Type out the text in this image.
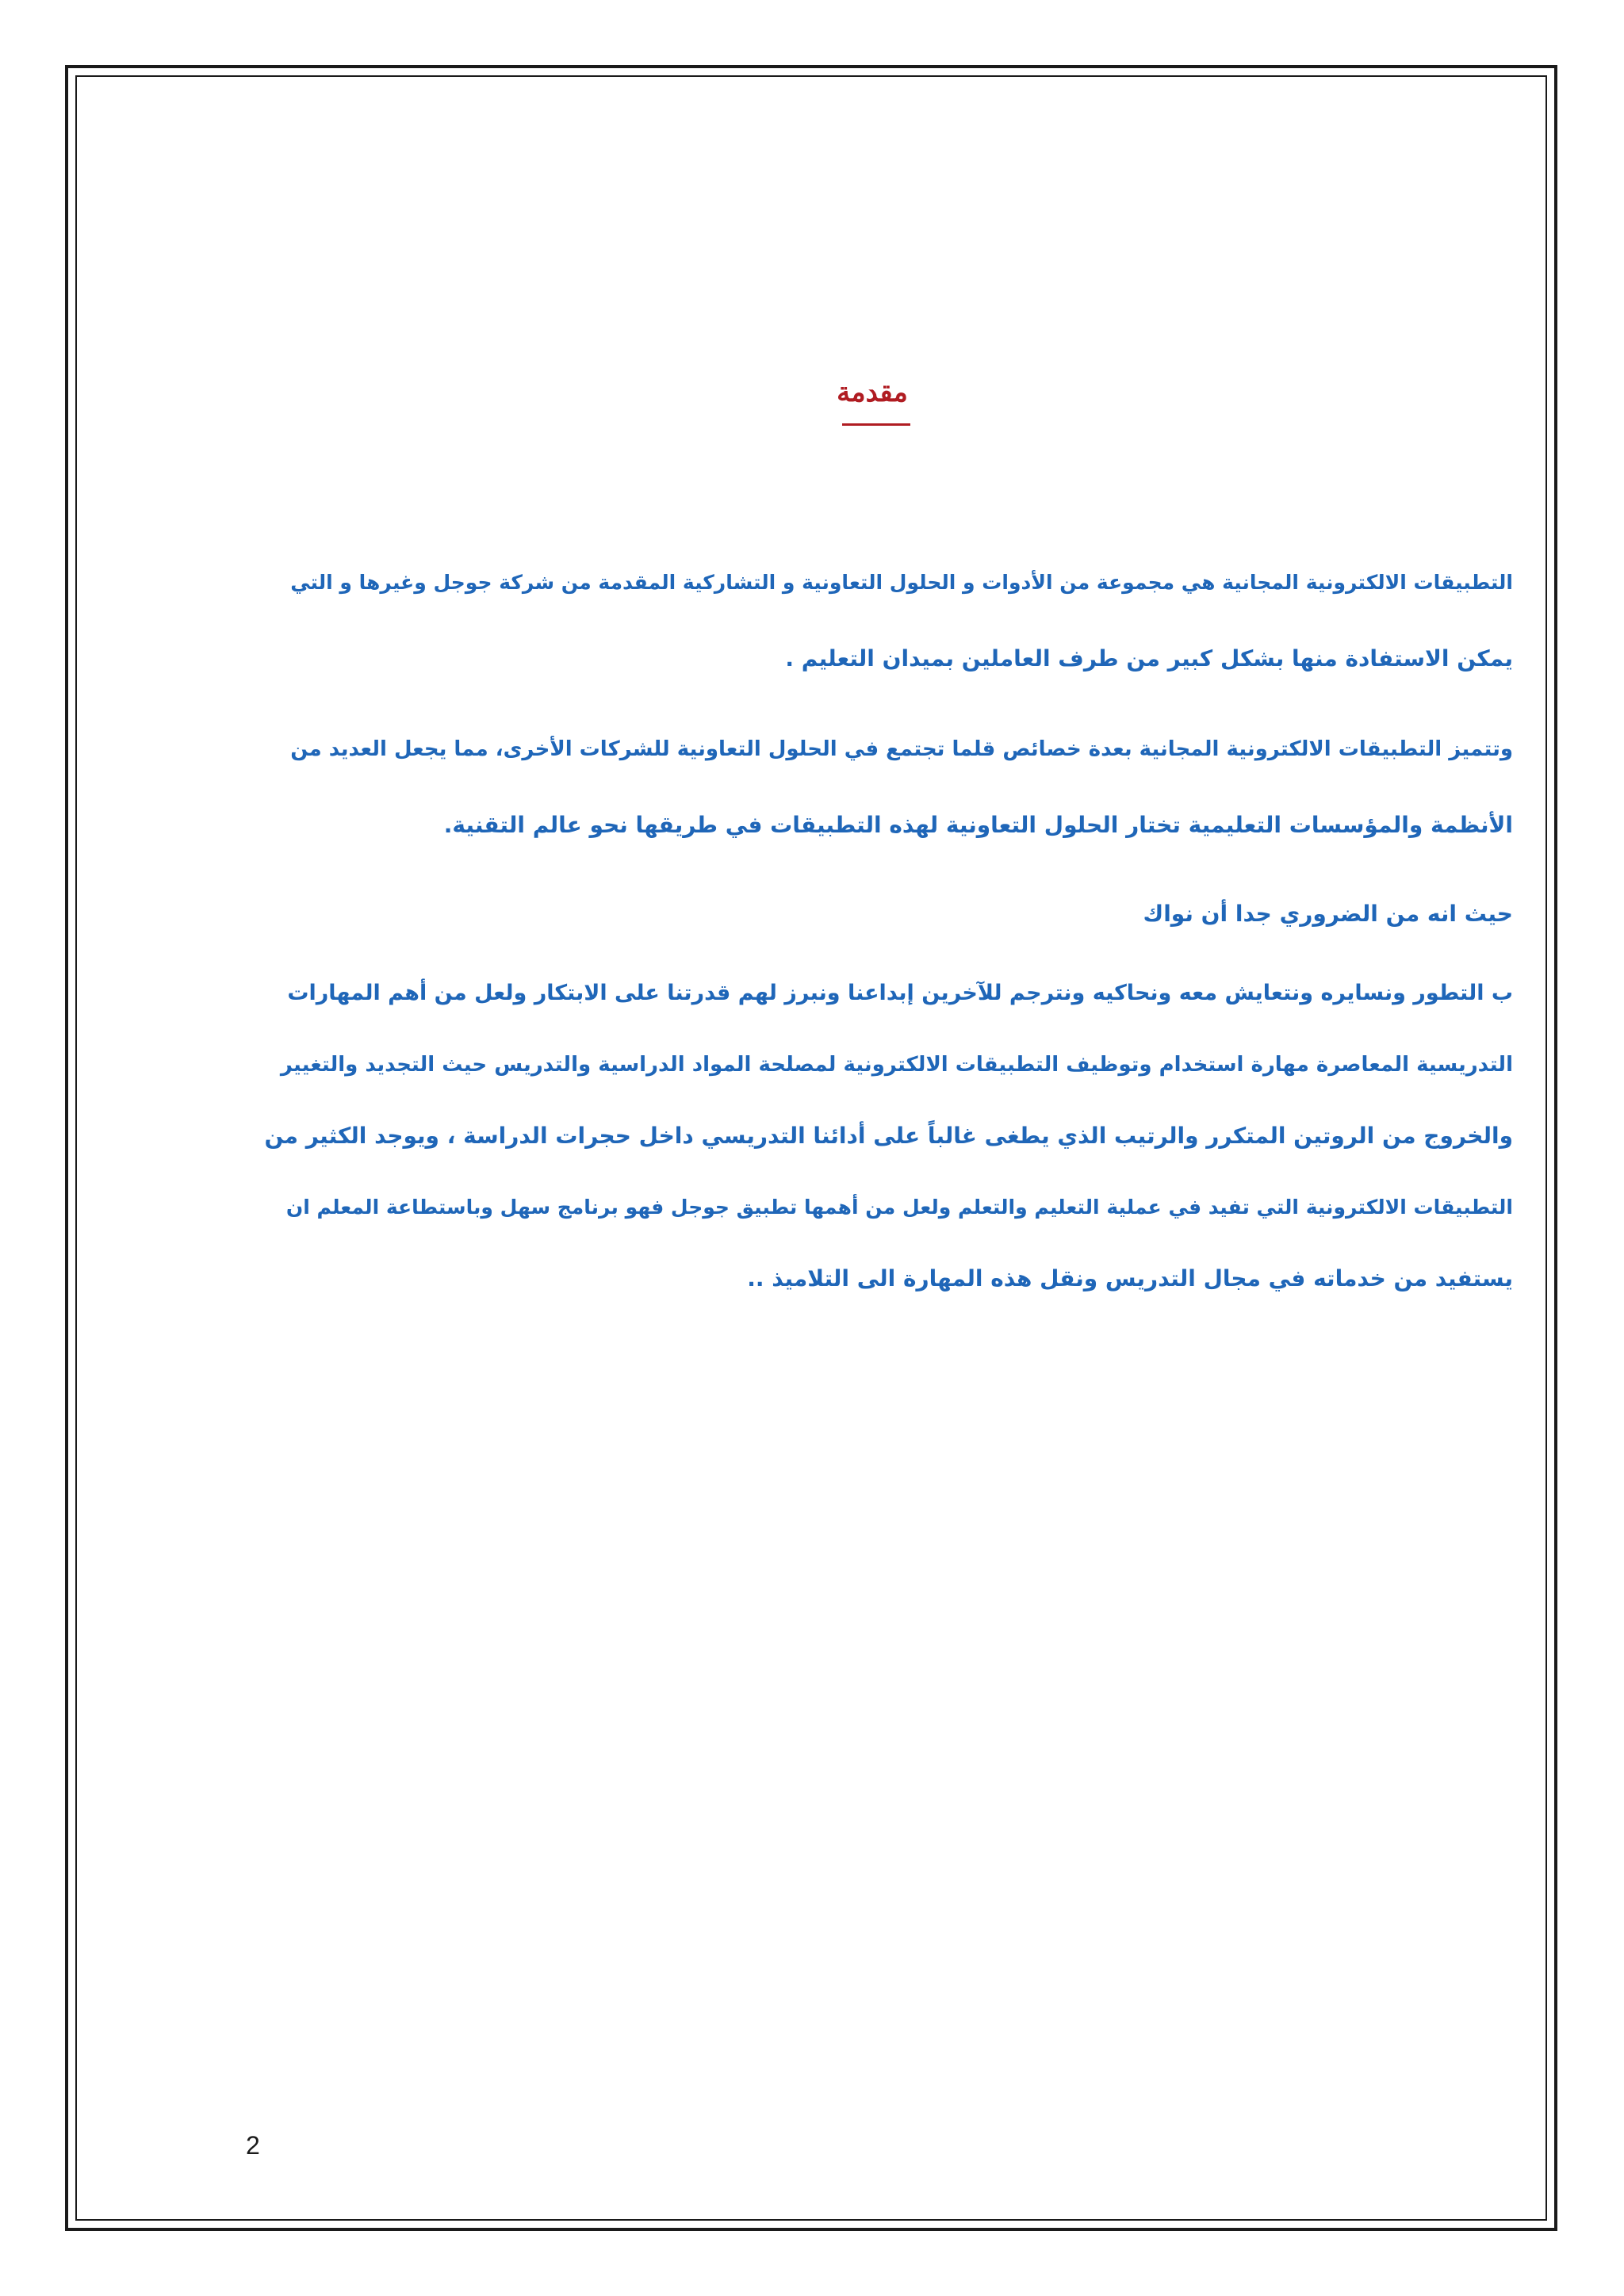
مقدمة
التطبيقات الالكترونية المجانية هي مجموعة من الأدوات و الحلول التعاونية و التشاركية المقدمة من شركة جوجل وغيرها و التي
يمكن الاستفادة منها بشكل كبير من طرف العاملين بميدان التعليم .
وتتميز التطبيقات الالكترونية المجانية بعدة خصائص قلما تجتمع في الحلول التعاونية للشركات الأخرى، مما يجعل العديد من
الأنظمة والمؤسسات التعليمية تختار الحلول التعاونية لهذه التطبيقات في طريقها نحو عالم التقنية.
حيث انه من الضروري جدا أن نواك
ب التطور ونسايره ونتعايش معه ونحاكيه ونترجم للآخرين إبداعنا ونبرز لهم قدرتنا على الابتكار ولعل من أهم المهارات
التدريسية المعاصرة مهارة استخدام وتوظيف التطبيقات الالكترونية لمصلحة المواد الدراسية والتدريس حيث التجديد والتغيير
والخروج من الروتين المتكرر والرتيب الذي يطغى غالباً على أدائنا التدريسي داخل حجرات الدراسة ، ويوجد الكثير من
التطبيقات الالكترونية التي تفيد في عملية التعليم والتعلم ولعل من أهمها تطبيق جوجل فهو برنامج سهل وباستطاعة المعلم ان
يستفيد من خدماته في مجال التدريس ونقل هذه المهارة الى التلاميذ ..
2
